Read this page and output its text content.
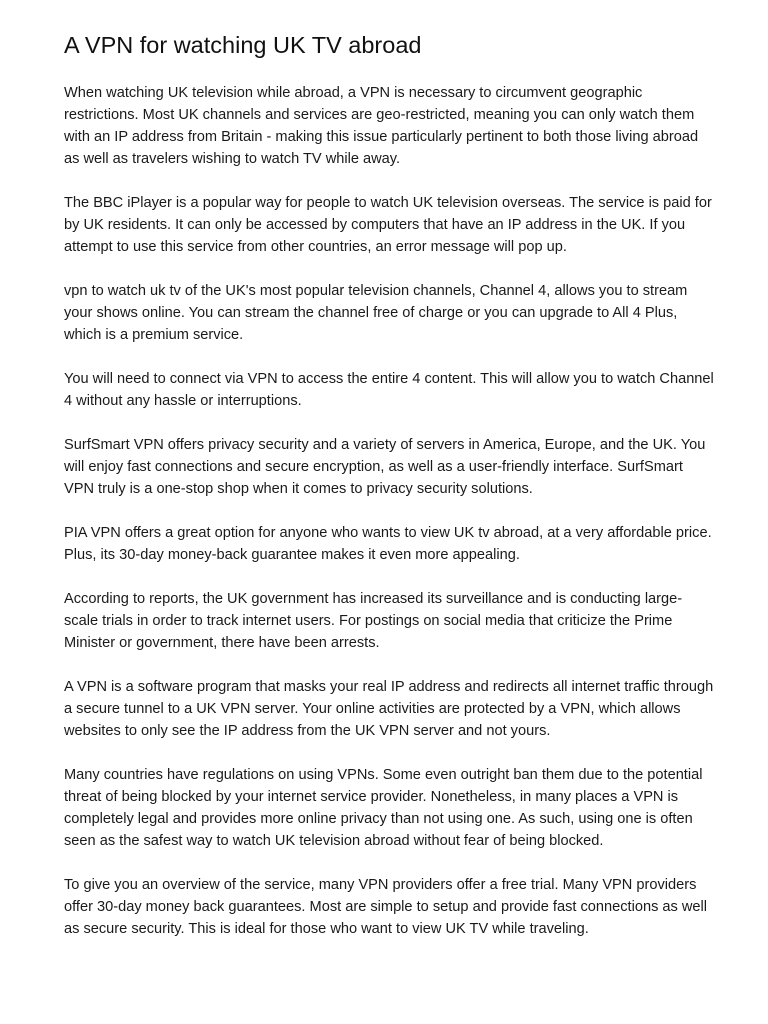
A VPN for watching UK TV abroad

When watching UK television while abroad, a VPN is necessary to circumvent geographic restrictions. Most UK channels and services are geo-restricted, meaning you can only watch them with an IP address from Britain - making this issue particularly pertinent to both those living abroad as well as travelers wishing to watch TV while away.

The BBC iPlayer is a popular way for people to watch UK television overseas. The service is paid for by UK residents. It can only be accessed by computers that have an IP address in the UK. If you attempt to use this service from other countries, an error message will pop up.

vpn to watch uk tv of the UK's most popular television channels, Channel 4, allows you to stream your shows online. You can stream the channel free of charge or you can upgrade to All 4 Plus, which is a premium service.

You will need to connect via VPN to access the entire 4 content. This will allow you to watch Channel 4 without any hassle or interruptions.

SurfSmart VPN offers privacy security and a variety of servers in America, Europe, and the UK. You will enjoy fast connections and secure encryption, as well as a user-friendly interface. SurfSmart VPN truly is a one-stop shop when it comes to privacy security solutions.

PIA VPN offers a great option for anyone who wants to view UK tv abroad, at a very affordable price. Plus, its 30-day money-back guarantee makes it even more appealing.

According to reports, the UK government has increased its surveillance and is conducting large-scale trials in order to track internet users. For postings on social media that criticize the Prime Minister or government, there have been arrests.

A VPN is a software program that masks your real IP address and redirects all internet traffic through a secure tunnel to a UK VPN server. Your online activities are protected by a VPN, which allows websites to only see the IP address from the UK VPN server and not yours.

Many countries have regulations on using VPNs. Some even outright ban them due to the potential threat of being blocked by your internet service provider. Nonetheless, in many places a VPN is completely legal and provides more online privacy than not using one. As such, using one is often seen as the safest way to watch UK television abroad without fear of being blocked.

To give you an overview of the service, many VPN providers offer a free trial. Many VPN providers offer 30-day money back guarantees. Most are simple to setup and provide fast connections as well as secure security. This is ideal for those who want to view UK TV while traveling.
